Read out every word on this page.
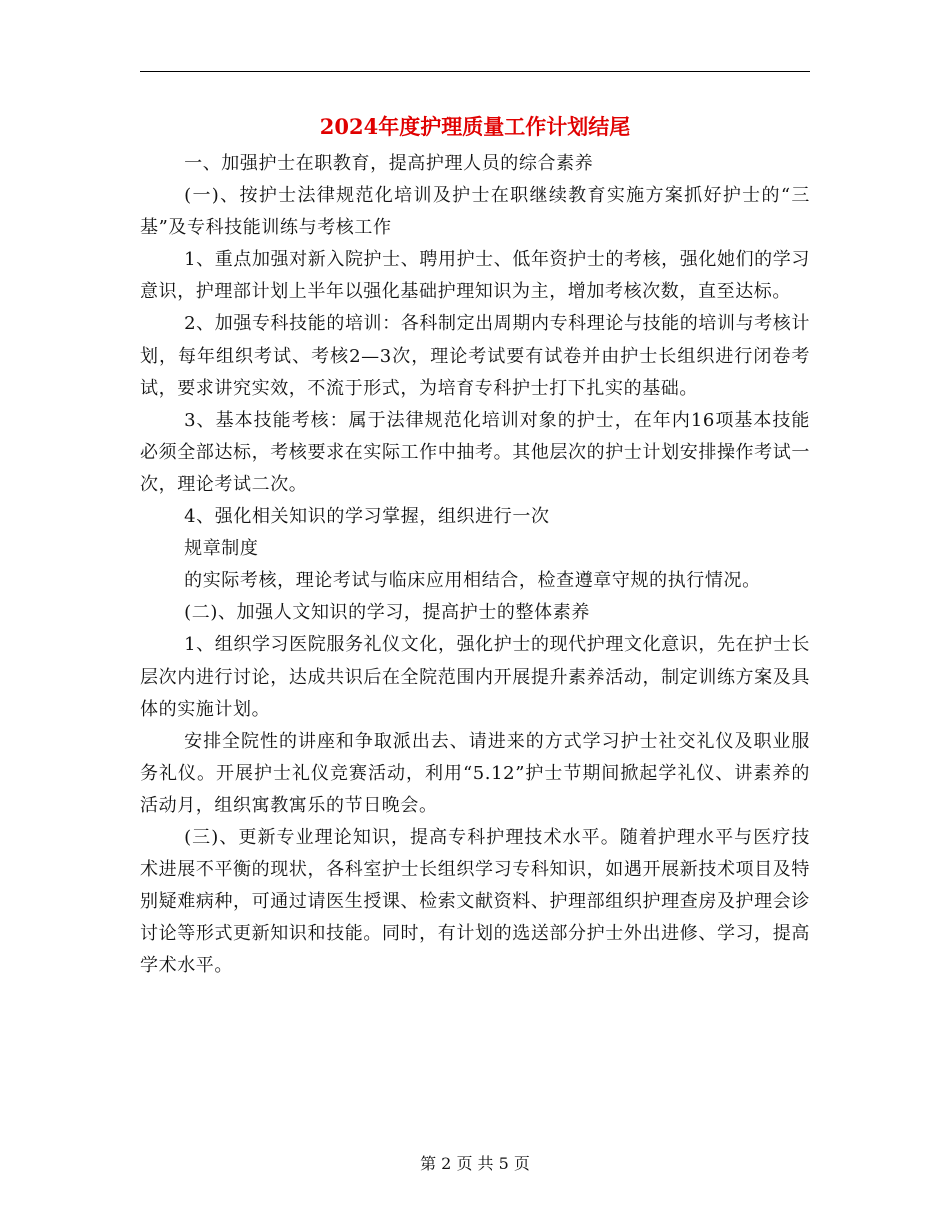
2024年度护理质量工作计划结尾

一、加强护士在职教育，提高护理人员的综合素养

(一)、按护士法律规范化培训及护士在职继续教育实施方案抓好护士的“三基”及专科技能训练与考核工作

1、重点加强对新入院护士、聘用护士、低年资护士的考核，强化她们的学习意识，护理部计划上半年以强化基础护理知识为主，增加考核次数，直至达标。

2、加强专科技能的培训：各科制定出周期内专科理论与技能的培训与考核计划，每年组织考试、考核2—3次，理论考试要有试卷并由护士长组织进行闭卷考试，要求讲究实效，不流于形式，为培育专科护士打下扎实的基础。

3、基本技能考核：属于法律规范化培训对象的护士，在年内16项基本技能必须全部达标，考核要求在实际工作中抽考。其他层次的护士计划安排操作考试一次，理论考试二次。

4、强化相关知识的学习掌握，组织进行一次

规章制度

的实际考核，理论考试与临床应用相结合，检查遵章守规的执行情况。

(二)、加强人文知识的学习，提高护士的整体素养

1、组织学习医院服务礼仪文化，强化护士的现代护理文化意识，先在护士长层次内进行讨论，达成共识后在全院范围内开展提升素养活动，制定训练方案及具体的实施计划。

安排全院性的讲座和争取派出去、请进来的方式学习护士社交礼仪及职业服务礼仪。开展护士礼仪竞赛活动，利用“5.12”护士节期间掀起学礼仪、讲素养的活动月，组织寓教寓乐的节日晚会。

(三)、更新专业理论知识，提高专科护理技术水平。随着护理水平与医疗技术进展不平衡的现状，各科室护士长组织学习专科知识，如遇开展新技术项目及特别疑难病种，可通过请医生授课、检索文献资料、护理部组织护理查房及护理会诊讨论等形式更新知识和技能。同时，有计划的选送部分护士外出进修、学习，提高学术水平。

第 2 页 共 5 页
